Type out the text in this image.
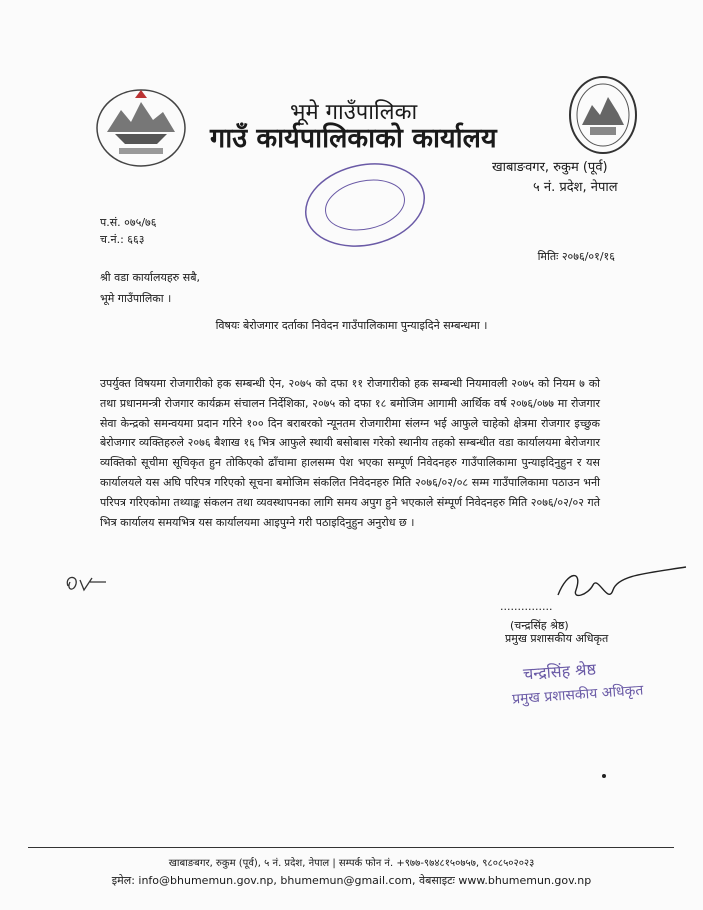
भूमे गाउँपालिका
गाउँ कार्यपालिकाको कार्यालय
खाबाङवगर, रुकुम (पूर्व)
५ नं. प्रदेश, नेपाल
प.सं. ०७५/७६
च.नं.: ६६३
मितिः २०७६/०१/१६
श्री वडा कार्यालयहरु सबै,
भूमे गाउँपालिका ।
विषयः बेरोजगार दर्ताका निवेदन गाउँपालिकामा पुन्याइदिने सम्बन्धमा ।
उपर्युक्त विषयमा रोजगारीको हक सम्बन्धी ऐन, २०७५ को दफा ११ रोजगारीको हक सम्बन्धी नियमावली २०७५ को नियम ७ को तथा प्रधानमन्त्री रोजगार कार्यक्रम संचालन निर्देशिका, २०७५ को दफा १८ बमोजिम आगामी आर्थिक वर्ष २०७६/०७७ मा रोजगार सेवा केन्द्रको समन्वयमा प्रदान गरिने १०० दिन बराबरको न्यूनतम रोजगारीमा संलग्न भई आफुले चाहेको क्षेत्रमा रोजगार इच्छुक बेरोजगार व्यक्तिहरुले २०७६ बैशाख १६ भित्र आफुले स्थायी बसोबास गरेको स्थानीय तहको सम्बन्धीत वडा कार्यालयमा बेरोजगार व्यक्तिको सूचीमा सूचिकृत हुन तोकिएको ढाँचामा हालसम्म पेश भएका सम्पूर्ण निवेदनहरु गाउँपालिकामा पुन्याइदिनुहुन र यस कार्यालयले यस अघि परिपत्र गरिएको सूचना बमोजिम संकलित निवेदनहरु मिति २०७६/०२/०८ सम्म गाउँपालिकामा पठाउन भनी परिपत्र गरिएकोमा तथ्याङ्क संकलन तथा व्यवस्थापनका लागि समय अपुग हुने भएकाले संम्पूर्ण निवेदनहरु मिति २०७६/०२/०२ गते भित्र कार्यालय समयभित्र यस कार्यालयमा आइपुग्ने गरी पठाइदिनुहुन अनुरोध छ ।
...............
(चन्द्रसिंह श्रेष्ठ)
प्रमुख प्रशासकीय अधिकृत
चन्द्रसिंह श्रेष्ठ
प्रमुख प्रशासकीय अधिकृत
खाबाङबगर, रुकुम (पूर्व), ५ नं. प्रदेश, नेपाल | सम्पर्क फोन नं. +९७७-९७४८१५०७५७, ९८०८५०२०२३
इमेल: info@bhumemun.gov.np, bhumemun@gmail.com, वेबसाइटः www.bhumemun.gov.np
